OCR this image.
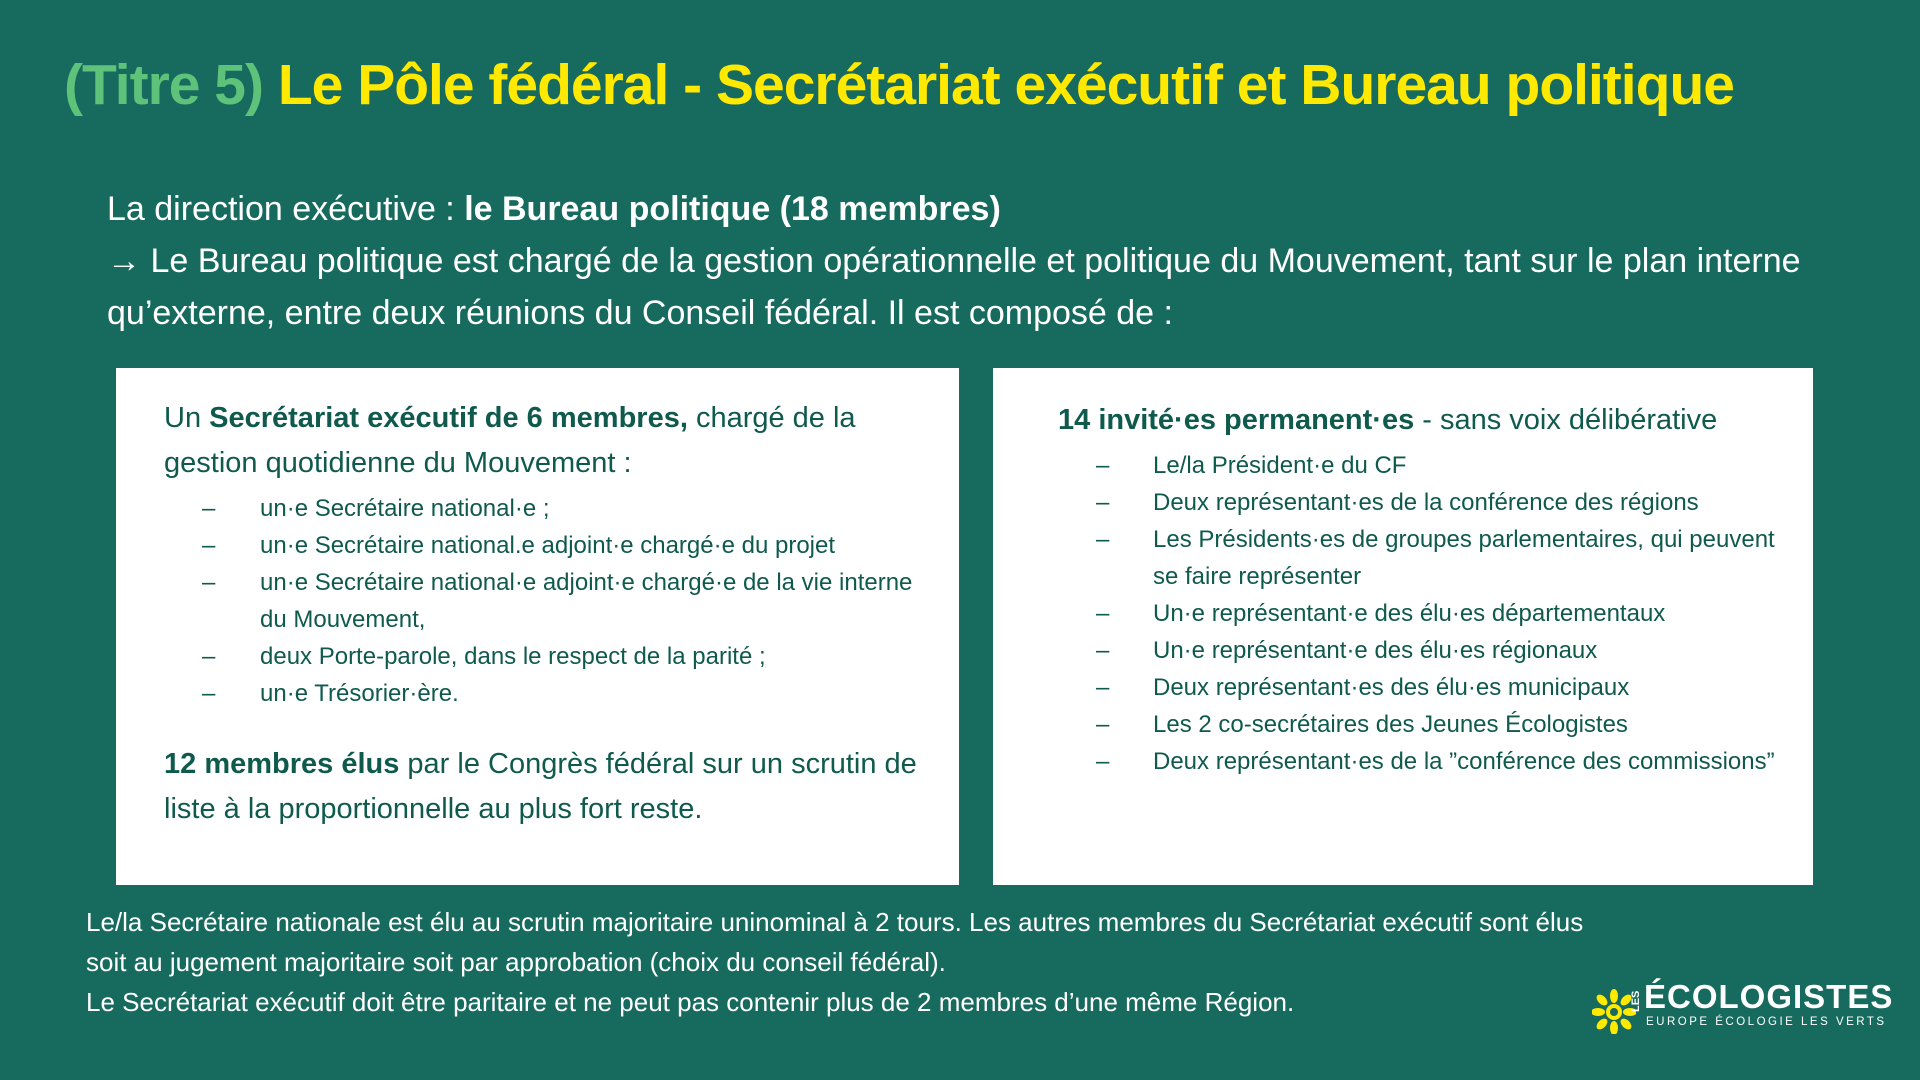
(Titre 5) Le Pôle fédéral - Secrétariat exécutif et Bureau politique
La direction exécutive : le Bureau politique (18 membres)
→ Le Bureau politique est chargé de la gestion opérationnelle et politique du Mouvement, tant sur le plan interne qu’externe, entre deux réunions du Conseil fédéral. Il est composé de :
Un Secrétariat exécutif de 6 membres, chargé de la gestion quotidienne du Mouvement :
– un·e Secrétaire national·e ;
– un·e Secrétaire national.e adjoint·e chargé·e du projet
– un·e Secrétaire national·e adjoint·e chargé·e de la vie interne du Mouvement,
– deux Porte-parole, dans le respect de la parité ;
– un·e Trésorier·ère.
12 membres élus par le Congrès fédéral sur un scrutin de liste à la proportionnelle au plus fort reste.
14 invité·es permanent·es - sans voix délibérative
– Le/la Président·e du CF
– Deux représentant·es de la conférence des régions
– Les Présidents·es de groupes parlementaires, qui peuvent se faire représenter
– Un·e représentant·e des élu·es départementaux
– Un·e représentant·e des élu·es régionaux
– Deux représentant·es des élu·es municipaux
– Les 2 co-secrétaires des Jeunes Écologistes
– Deux représentant·es de la ”conférence des commissions”
Le/la Secrétaire nationale est élu au scrutin majoritaire uninominal à 2 tours. Les autres membres du Secrétariat exécutif sont élus soit au jugement majoritaire soit par approbation (choix du conseil fédéral).
Le Secrétariat exécutif doit être paritaire et ne peut pas contenir plus de 2 membres d’une même Région.	LES ÉCOLOGISTES
EUROPE ÉCOLOGIE LES VERTS
